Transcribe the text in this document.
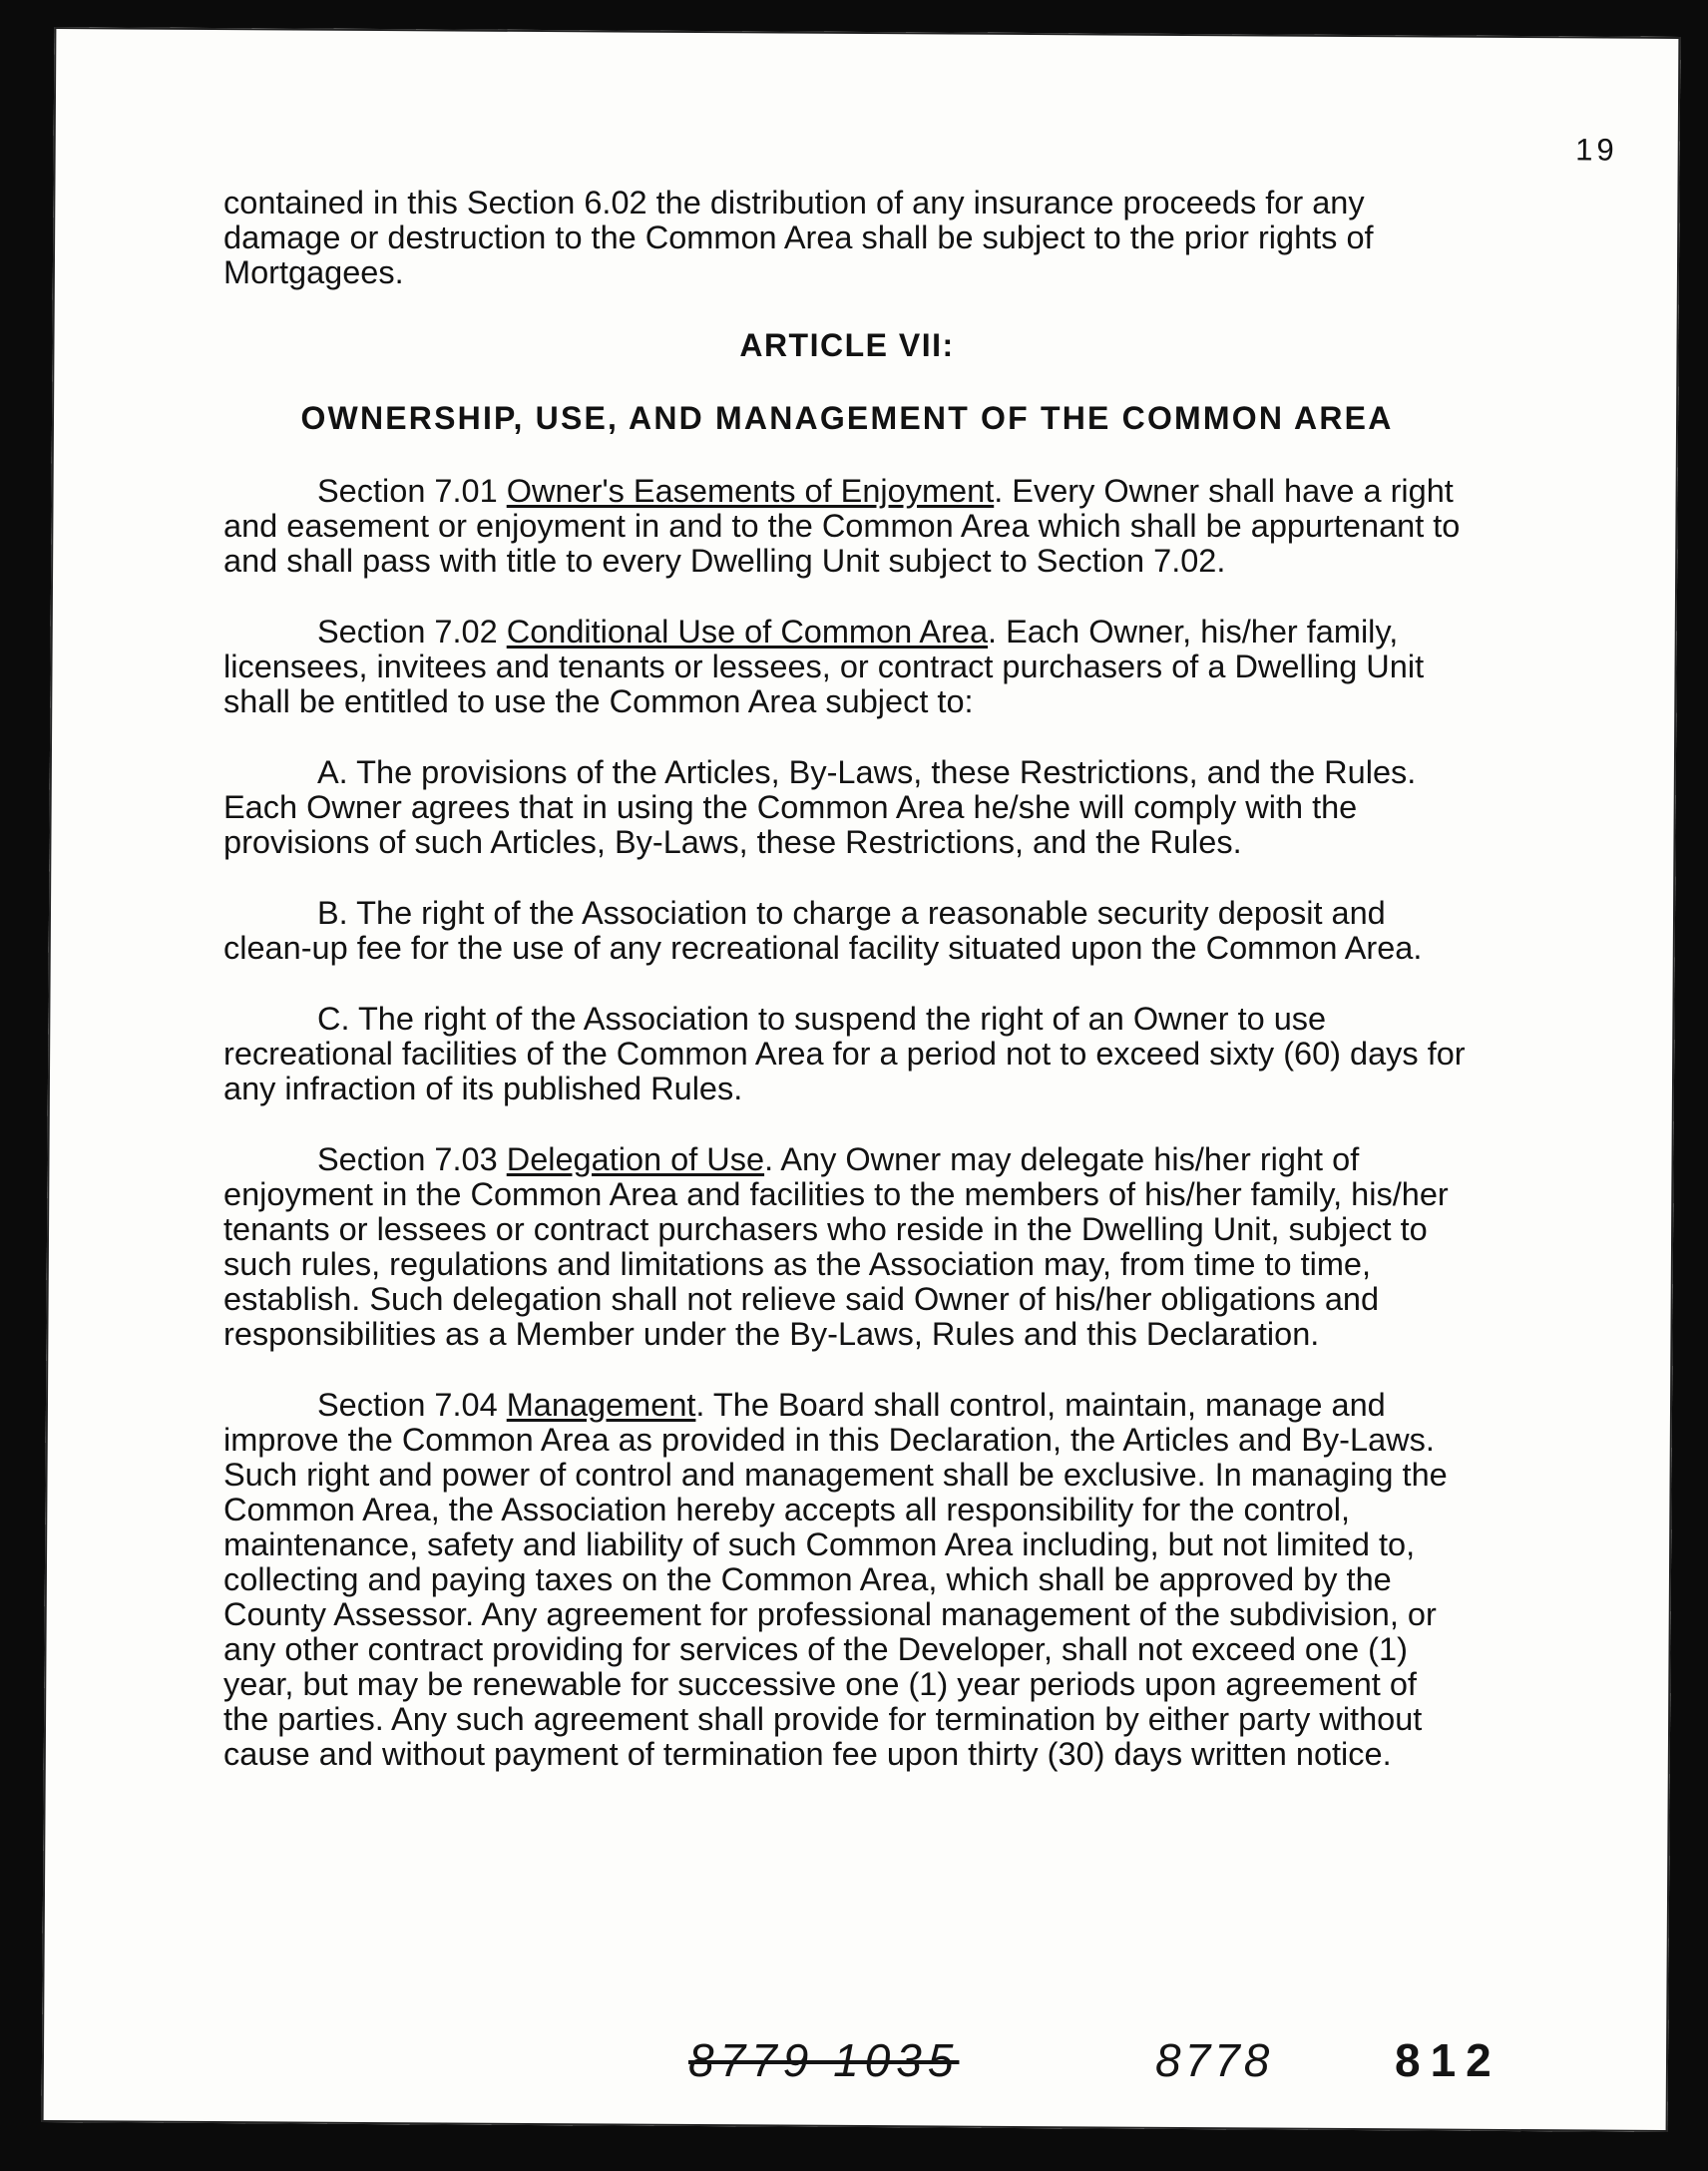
19

contained in this Section 6.02 the distribution of any insurance proceeds for any damage or destruction to the Common Area shall be subject to the prior rights of Mortgagees.

ARTICLE VII:

OWNERSHIP, USE, AND MANAGEMENT OF THE COMMON AREA

Section 7.01 Owner's Easements of Enjoyment. Every Owner shall have a right and easement or enjoyment in and to the Common Area which shall be appurtenant to and shall pass with title to every Dwelling Unit subject to Section 7.02.

Section 7.02 Conditional Use of Common Area. Each Owner, his/her family, licensees, invitees and tenants or lessees, or contract purchasers of a Dwelling Unit shall be entitled to use the Common Area subject to:

A. The provisions of the Articles, By-Laws, these Restrictions, and the Rules. Each Owner agrees that in using the Common Area he/she will comply with the provisions of such Articles, By-Laws, these Restrictions, and the Rules.

B. The right of the Association to charge a reasonable security deposit and clean-up fee for the use of any recreational facility situated upon the Common Area.

C. The right of the Association to suspend the right of an Owner to use recreational facilities of the Common Area for a period not to exceed sixty (60) days for any infraction of its published Rules.

Section 7.03 Delegation of Use. Any Owner may delegate his/her right of enjoyment in the Common Area and facilities to the members of his/her family, his/her tenants or lessees or contract purchasers who reside in the Dwelling Unit, subject to such rules, regulations and limitations as the Association may, from time to time, establish. Such delegation shall not relieve said Owner of his/her obligations and responsibilities as a Member under the By-Laws, Rules and this Declaration.

Section 7.04 Management. The Board shall control, maintain, manage and improve the Common Area as provided in this Declaration, the Articles and By-Laws. Such right and power of control and management shall be exclusive. In managing the Common Area, the Association hereby accepts all responsibility for the control, maintenance, safety and liability of such Common Area including, but not limited to, collecting and paying taxes on the Common Area, which shall be approved by the County Assessor. Any agreement for professional management of the subdivision, or any other contract providing for services of the Developer, shall not exceed one (1) year, but may be renewable for successive one (1) year periods upon agreement of the parties. Any such agreement shall provide for termination by either party without cause and without payment of termination fee upon thirty (30) days written notice.

8779 1035	8778	812
